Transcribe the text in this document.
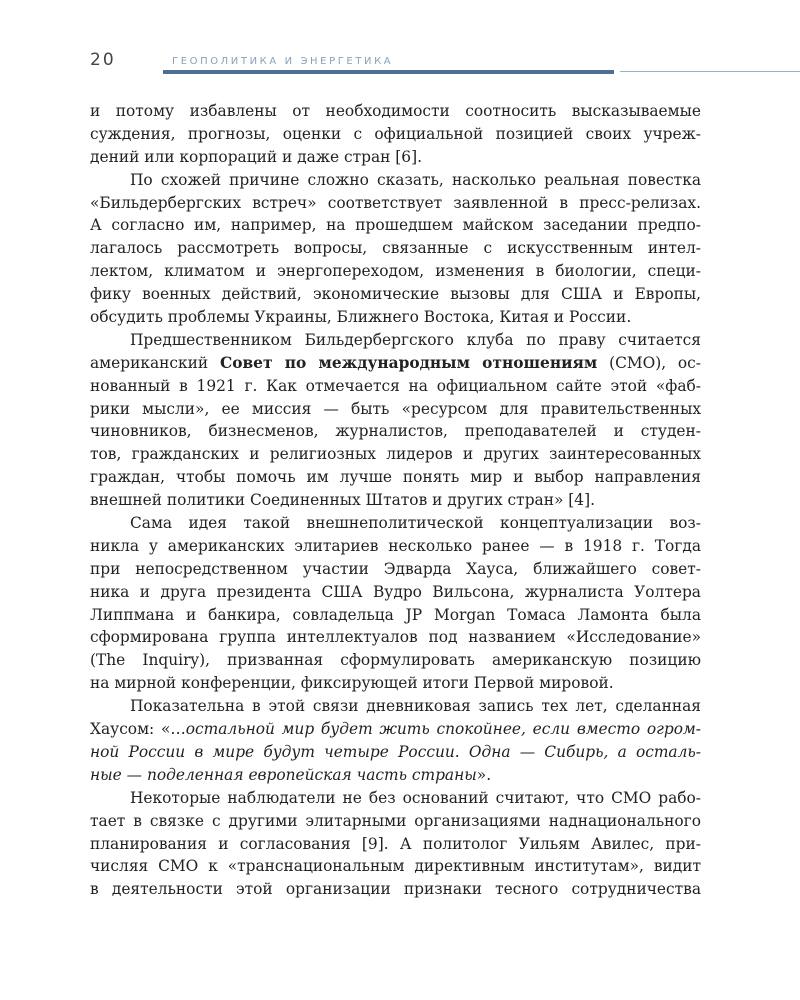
20	ГЕОПОЛИТИКА И ЭНЕРГЕТИКА
и потому избавлены от необходимости соотносить высказываемые
суждения, прогнозы, оценки с официальной позицией своих учреж-
дений или корпораций и даже стран [6].
По схожей причине сложно сказать, насколько реальная повестка
«Бильдербергских встреч» соответствует заявленной в пресс-релизах.
А согласно им, например, на прошедшем майском заседании предпо-
лагалось рассмотреть вопросы, связанные с искусственным интел-
лектом, климатом и энергопереходом, изменения в биологии, специ-
фику военных действий, экономические вызовы для США и Европы,
обсудить проблемы Украины, Ближнего Востока, Китая и России.
Предшественником Бильдербергского клуба по праву считается
американский Совет по международным отношениям (СМО), ос-
нованный в 1921 г. Как отмечается на официальном сайте этой «фаб-
рики мысли», ее миссия — быть «ресурсом для правительственных
чиновников, бизнесменов, журналистов, преподавателей и студен-
тов, гражданских и религиозных лидеров и других заинтересованных
граждан, чтобы помочь им лучше понять мир и выбор направления
внешней политики Соединенных Штатов и других стран» [4].
Сама идея такой внешнеполитической концептуализации воз-
никла у американских элитариев несколько ранее — в 1918 г. Тогда
при непосредственном участии Эдварда Хауса, ближайшего совет-
ника и друга президента США Вудро Вильсона, журналиста Уолтера
Липпмана и банкира, совладельца JP Morgan Томаса Ламонта была
сформирована группа интеллектуалов под названием «Исследование»
(The Inquiry), призванная сформулировать американскую позицию
на мирной конференции, фиксирующей итоги Первой мировой.
Показательна в этой связи дневниковая запись тех лет, сделанная
Хаусом: «…остальной мир будет жить спокойнее, если вместо огром-
ной России в мире будут четыре России. Одна — Сибирь, а осталь-
ные — поделенная европейская часть страны».
Некоторые наблюдатели не без оснований считают, что СМО рабо-
тает в связке с другими элитарными организациями наднационального
планирования и согласования [9]. А политолог Уильям Авилес, при-
числяя СМО к «транснациональным директивным институтам», видит
в деятельности этой организации признаки тесного сотрудничества
